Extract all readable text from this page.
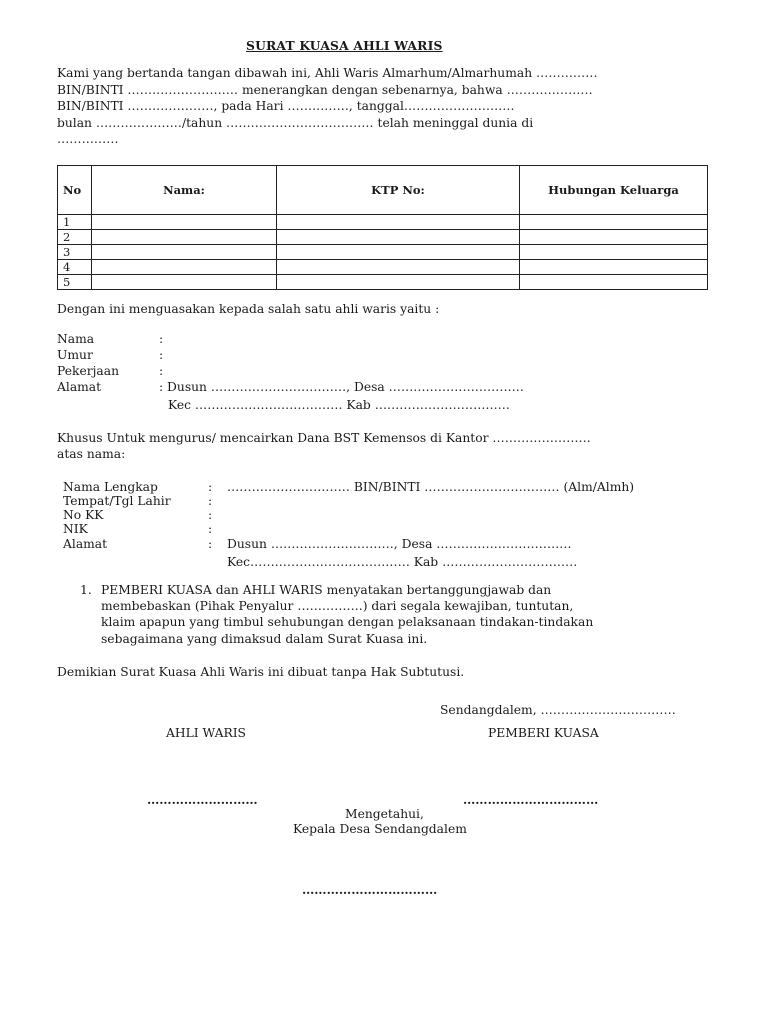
SURAT KUASA AHLI WARIS
Kami yang bertanda tangan dibawah ini, Ahli Waris Almarhum/Almarhumah ……………
BIN/BINTI ……………………… menerangkan dengan sebenarnya, bahwa …………………
BIN/BINTI …………………, pada Hari ……………, tanggal………………………
bulan …………………/tahun ……………………………… telah meninggal dunia di
……………
No	Nama:	KTP No:	Hubungan Keluarga
1			
2			
3			
4			
5			
Dengan ini menguasakan kepada salah satu ahli waris yaitu :
Nama	:
Umur	:
Pekerjaan	:
Alamat	: Dusun ……………………………, Desa ……………………………
Kec ……………………………… Kab ……………………………
Khusus Untuk mengurus/ mencairkan Dana BST Kemensos di Kantor ……………………
atas nama:
Nama Lengkap	: ………………………… BIN/BINTI …………………………… (Alm/Almh)
Tempat/Tgl Lahir	:
No KK	:
NIK	:
Alamat	: Dusun …………………………, Desa ……………………………
Kec………………………………… Kab ……………………………
1. PEMBERI KUASA dan AHLI WARIS menyatakan bertanggungjawab dan
membebaskan (Pihak Penyalur …………….) dari segala kewajiban, tuntutan,
klaim apapun yang timbul sehubungan dengan pelaksanaan tindakan-tindakan
sebagaimana yang dimaksud dalam Surat Kuasa ini.
Demikian Surat Kuasa Ahli Waris ini dibuat tanpa Hak Subtutusi.
Sendangdalem, ……………………………
AHLI WARIS	PEMBERI KUASA
………………………	……………………………
Mengetahui,
Kepala Desa Sendangdalem
……………………………
